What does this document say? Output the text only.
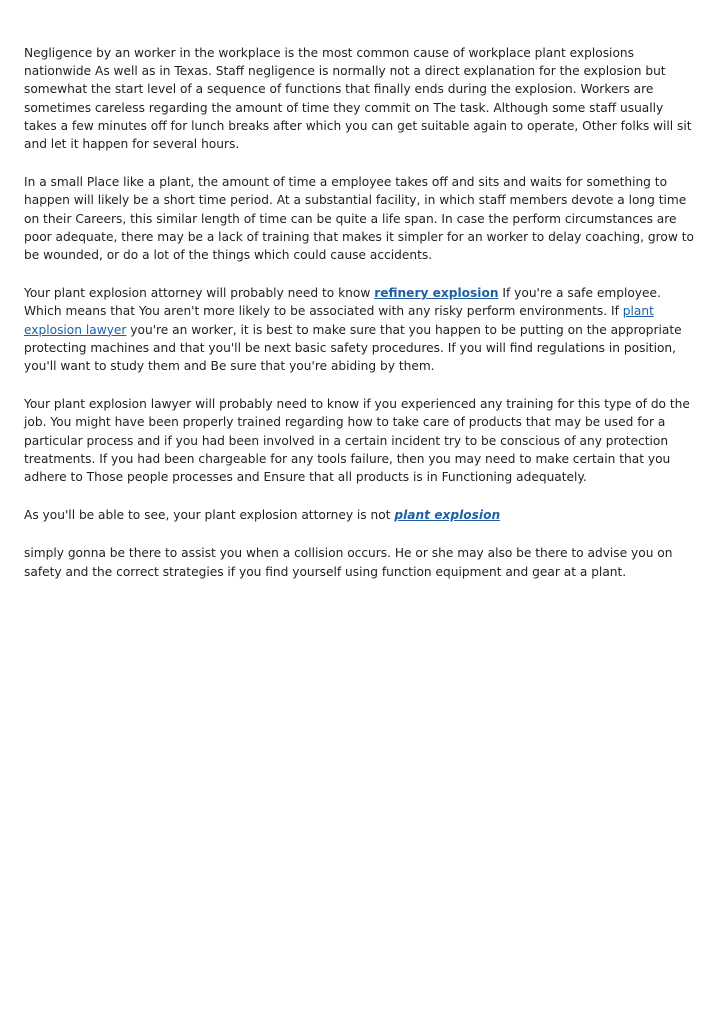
Negligence by an worker in the workplace is the most common cause of workplace plant explosions nationwide As well as in Texas. Staff negligence is normally not a direct explanation for the explosion but somewhat the start level of a sequence of functions that finally ends during the explosion. Workers are sometimes careless regarding the amount of time they commit on The task. Although some staff usually takes a few minutes off for lunch breaks after which you can get suitable again to operate, Other folks will sit and let it happen for several hours.

In a small Place like a plant, the amount of time a employee takes off and sits and waits for something to happen will likely be a short time period. At a substantial facility, in which staff members devote a long time on their Careers, this similar length of time can be quite a life span. In case the perform circumstances are poor adequate, there may be a lack of training that makes it simpler for an worker to delay coaching, grow to be wounded, or do a lot of the things which could cause accidents.

Your plant explosion attorney will probably need to know refinery explosion If you're a safe employee. Which means that You aren't more likely to be associated with any risky perform environments. If plant explosion lawyer you're an worker, it is best to make sure that you happen to be putting on the appropriate protecting machines and that you'll be next basic safety procedures. If you will find regulations in position, you'll want to study them and Be sure that you're abiding by them.

Your plant explosion lawyer will probably need to know if you experienced any training for this type of do the job. You might have been properly trained regarding how to take care of products that may be used for a particular process and if you had been involved in a certain incident try to be conscious of any protection treatments. If you had been chargeable for any tools failure, then you may need to make certain that you adhere to Those people processes and Ensure that all products is in Functioning adequately.

As you'll be able to see, your plant explosion attorney is not plant explosion

simply gonna be there to assist you when a collision occurs. He or she may also be there to advise you on safety and the correct strategies if you find yourself using function equipment and gear at a plant.
